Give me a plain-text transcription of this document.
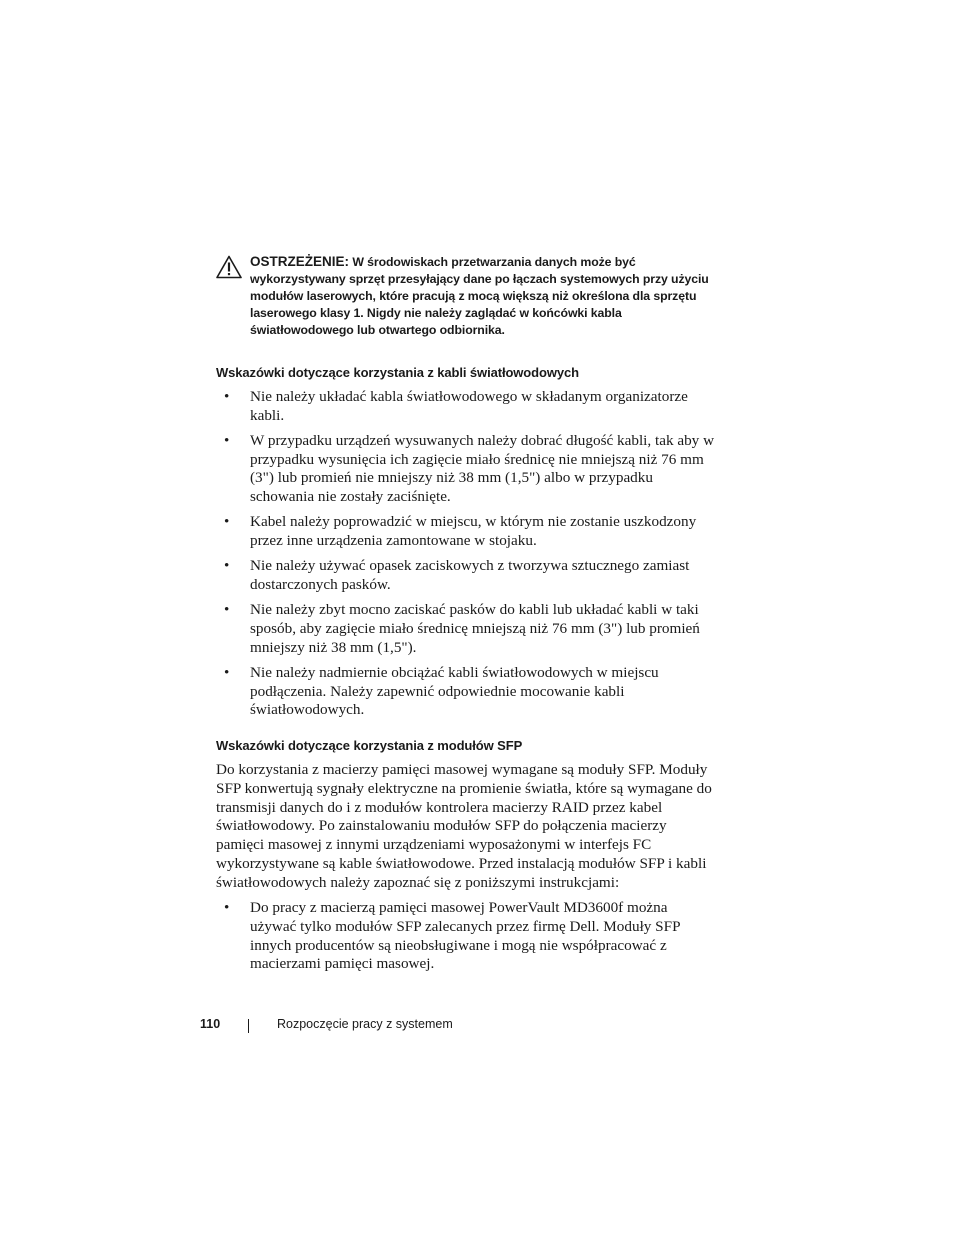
OSTRZEŻENIE: W środowiskach przetwarzania danych może być wykorzystywany sprzęt przesyłający dane po łączach systemowych przy użyciu modułów laserowych, które pracują z mocą większą niż określona dla sprzętu laserowego klasy 1. Nigdy nie należy zaglądać w końcówki kabla światłowodowego lub otwartego odbiornika.
Wskazówki dotyczące korzystania z kabli światłowodowych
• Nie należy układać kabla światłowodowego w składanym organizatorze kabli.
• W przypadku urządzeń wysuwanych należy dobrać długość kabli, tak aby w przypadku wysunięcia ich zagięcie miało średnicę nie mniejszą niż 76 mm (3") lub promień nie mniejszy niż 38 mm (1,5") albo w przypadku schowania nie zostały zaciśnięte.
• Kabel należy poprowadzić w miejscu, w którym nie zostanie uszkodzony przez inne urządzenia zamontowane w stojaku.
• Nie należy używać opasek zaciskowych z tworzywa sztucznego zamiast dostarczonych pasków.
• Nie należy zbyt mocno zaciskać pasków do kabli lub układać kabli w taki sposób, aby zagięcie miało średnicę mniejszą niż 76 mm (3") lub promień mniejszy niż 38 mm (1,5").
• Nie należy nadmiernie obciążać kabli światłowodowych w miejscu podłączenia. Należy zapewnić odpowiednie mocowanie kabli światłowodowych.
Wskazówki dotyczące korzystania z modułów SFP

Do korzystania z macierzy pamięci masowej wymagane są moduły SFP. Moduły SFP konwertują sygnały elektryczne na promienie światła, które są wymagane do transmisji danych do i z modułów kontrolera macierzy RAID przez kabel światłowodowy. Po zainstalowaniu modułów SFP do połączenia macierzy pamięci masowej z innymi urządzeniami wyposażonymi w interfejs FC wykorzystywane są kable światłowodowe. Przed instalacją modułów SFP i kabli światłowodowych należy zapoznać się z poniższymi instrukcjami:

• Do pracy z macierzą pamięci masowej PowerVault MD3600f można używać tylko modułów SFP zalecanych przez firmę Dell. Moduły SFP innych producentów są nieobsługiwane i mogą nie współpracować z macierzami pamięci masowej.
110	Rozpoczęcie pracy z systemem
